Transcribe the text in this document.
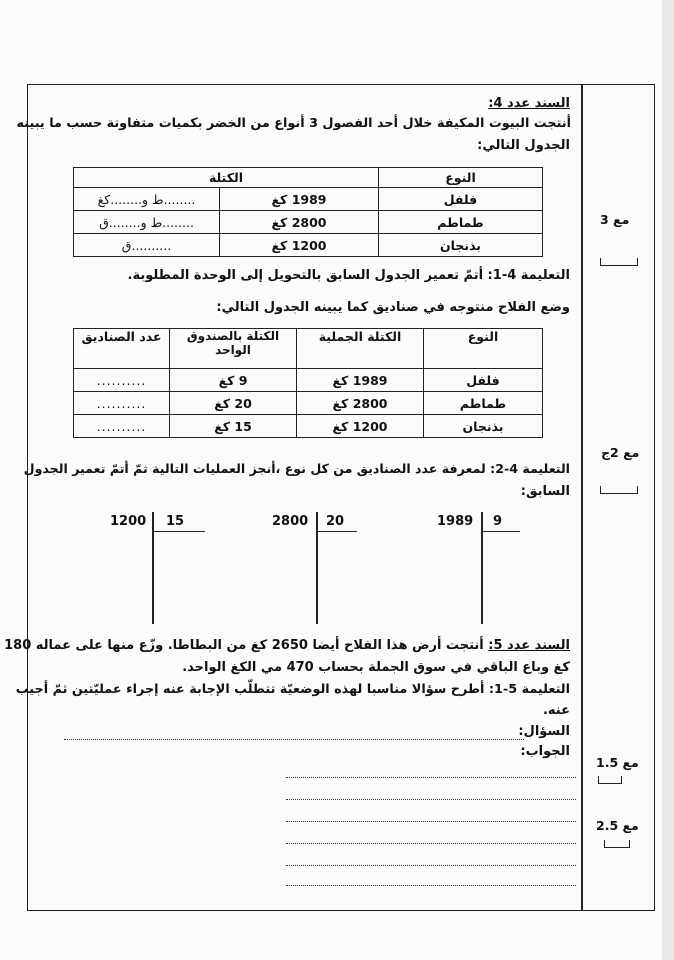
السند عدد 4:
أنتجت البيوت المكيفة خلال أحد الفصول 3 أنواع من الخضر بكميات متفاوتة حسب ما يبينه
الجدول التالي:
النوع	الكتلة	
فلفل	1989 كغ	........ط و........كغ
طماطم	2800 كغ	........ط و........ق
بذنجان	1200 كغ	..........ق
التعليمة 4-1: أتمّ تعمير الجدول السابق بالتحويل إلى الوحدة المطلوبة.
وضع الفلاح منتوجه في صناديق كما يبينه الجدول التالي:
النوع	الكتلة الجملية	الكتلة بالصندوق الواحد	عدد الصناديق
فلفل	1989 كغ	9 كغ	..........
طماطم	2800 كغ	20 كغ	..........
بذنجان	1200 كغ	15 كغ	..........
التعليمة 4-2: لمعرفة عدد الصناديق من كل نوع ،أنجز العمليات التالية ثمّ أتمّ تعمير الجدول
السابق:
1989 9
2800 20
1200 15
السند عدد 5: أنتجت أرض هذا الفلاح أيضا 2650 كغ من البطاطا. وزّع منها على عماله 180
كغ وباع الباقي في سوق الجملة بحساب 470 مي الكغ الواحد.
التعليمة 5-1: أطرح سؤالا مناسبا لهذه الوضعيّة تتطلّب الإجابة عنه إجراء عمليّتين ثمّ أجيب
عنه.
السؤال:
الجواب:
مع 3
مع 2ج
مع 1.5
مع 2.5
